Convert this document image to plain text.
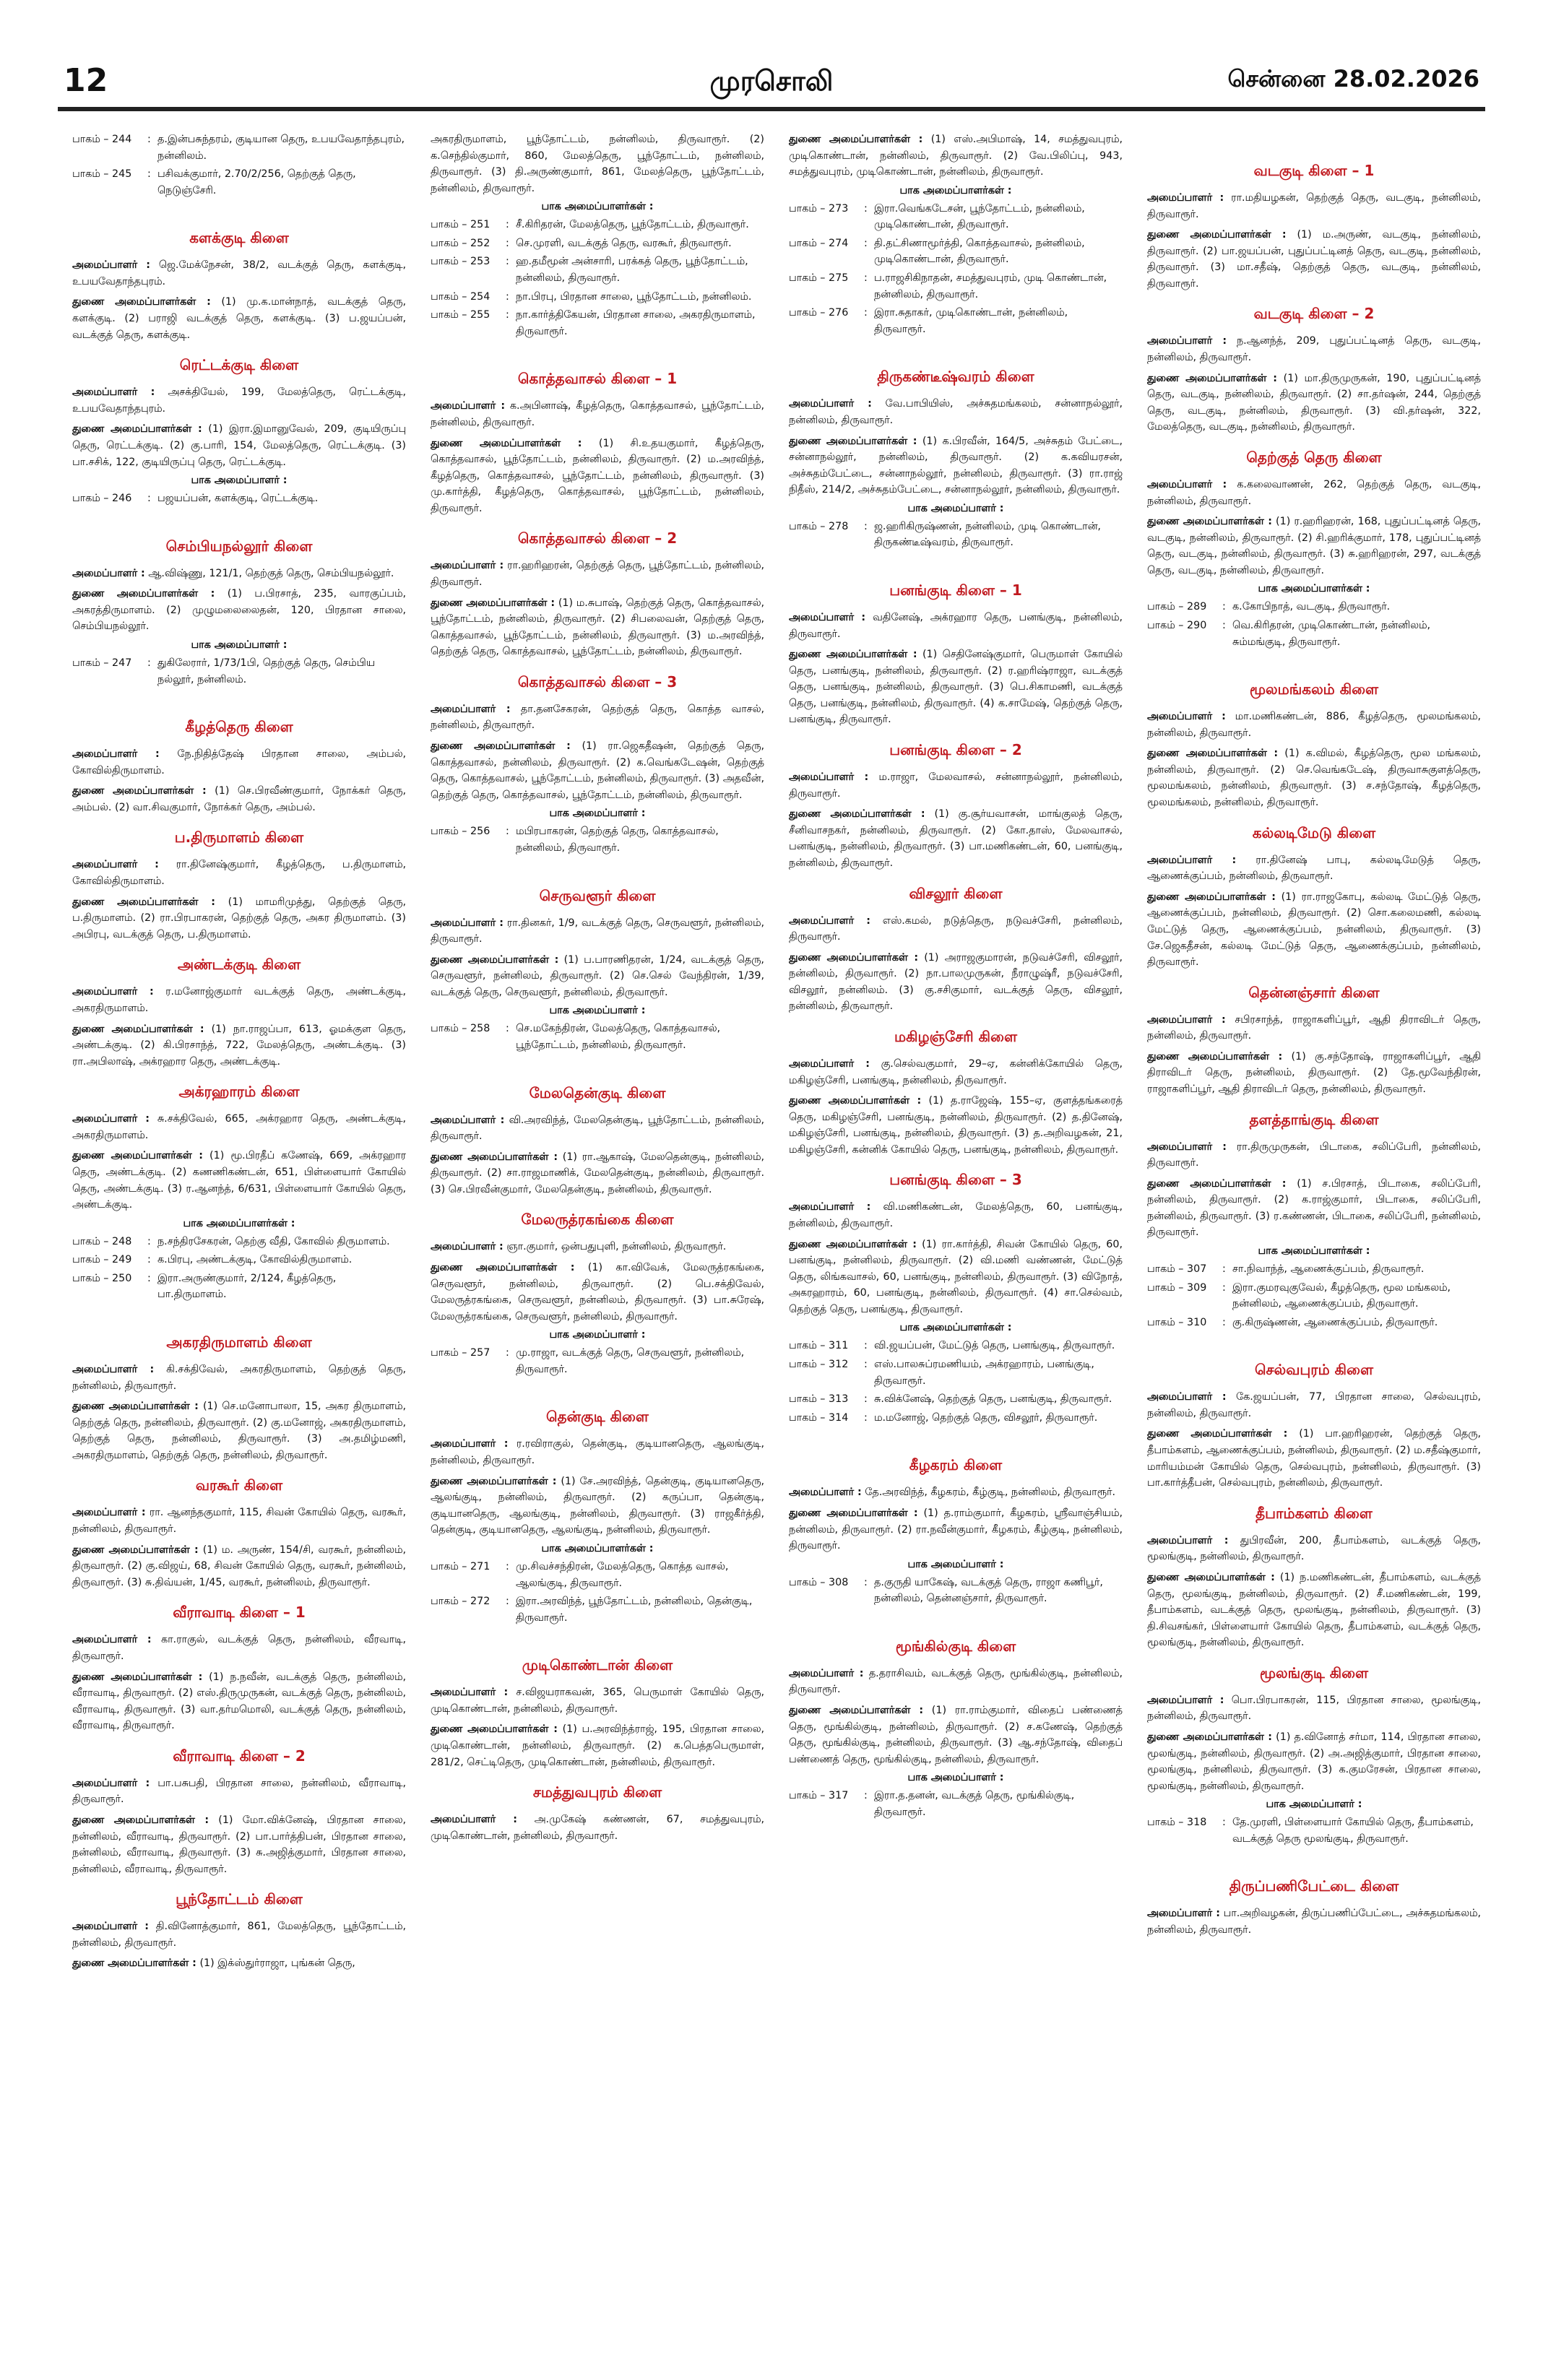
12	முரசொலி	சென்னை 28.02.2026
பாகம் – 244	: த.இன்பசுந்தரம், குடியான தெரு, உபயவேதாந்தபுரம், நன்னிலம்.
பாகம் – 245	: பசிவக்குமார், 2.70/2/256, தெற்குத் தெரு, நெடுஞ்சேரி.
களக்குடி கிளை
அமைப்பாளர் : ஜெ.மேக்நேசன், 38/2, வடக்குத் தெரு, களக்குடி, உபயவேதாந்தபுரம்.
துணை அமைப்பாளர்கள் : (1) மு.க.மான்நாத், வடக்குத் தெரு, களக்குடி. (2) பராஜி வடக்குத் தெரு, களக்குடி. (3) ப.ஜயப்பன், வடக்குத் தெரு, களக்குடி.
ரெட்டக்குடி கிளை
அமைப்பாளர் : அசக்தியேல், 199, மேலத்தெரு, ரெட்டக்குடி, உபயவேதாந்தபுரம்.
துணை அமைப்பாளர்கள் : (1) இரா.இமானுவேல், 209, குடியிருப்பு தெரு, ரெட்டக்குடி. (2) கு.பாரி, 154, மேலத்தெரு, ரெட்டக்குடி. (3) பா.சசிக், 122, குடியிருப்பு தெரு, ரெட்டக்குடி.
பாக அமைப்பாளர் :
பாகம் – 246	: பஜயப்பன், களக்குடி, ரெட்டக்குடி.
செம்பியநல்லூர் கிளை
அமைப்பாளர் : ஆ.விஷ்ணு, 121/1, தெற்குத் தெரு, செம்பியநல்லூர்.
துணை அமைப்பாளர்கள் : (1) ப.பிரசாத், 235, வாரகுப்பம், அகரத்திருமாளம். (2) முழுமலைலைதன், 120, பிரதான சாலை, செம்பியநல்லூர்.
பாக அமைப்பாளர் :
பாகம் – 247	: துகிலேரார், 1/73/1பி, தெற்குத் தெரு, செம்பிய நல்லூர், நன்னிலம்.
கீழத்தெரு கிளை
அமைப்பாளர் : நே.நிதித்தேஷ் பிரதான சாலை, அம்பல், கோவில்திருமாளம்.
துணை அமைப்பாளர்கள் : (1) செ.பிரவீண்குமார், நோக்கர் தெரு, அம்பல். (2) வா.சிவகுமார், நோக்கர் தெரு, அம்பல்.
ப.திருமாளம் கிளை
அமைப்பாளர் : ரா.தினேஷ்குமார், கீழத்தெரு, ப.திருமாளம், கோவில்திருமாளம்.
துணை அமைப்பாளர்கள் : (1) மாமரிமுத்து, தெற்குத் தெரு, ப.திருமாளம். (2) ரா.பிரபாகரன், தெற்குத் தெரு, அகர திருமாளம். (3) அபிரபு, வடக்குத் தெரு, ப.திருமாளம்.
அண்டக்குடி கிளை
அமைப்பாளர் : ர.மனோஜ்குமார் வடக்குத் தெரு, அண்டக்குடி, அகரதிருமாளம்.
துணை அமைப்பாளர்கள் : (1) நா.ராஜப்பா, 613, ஓமக்குள தெரு, அண்டக்குடி. (2) கி.பிரசாந்த், 722, மேலத்தெரு, அண்டக்குடி. (3) ரா.அபிலாஷ், அக்ரஹார தெரு, அண்டக்குடி.
அக்ரஹாரம் கிளை
அமைப்பாளர் : சு.சக்திவேல், 665, அக்ரஹார தெரு, அண்டக்குடி, அகரதிருமாளம்.
துணை அமைப்பாளர்கள் : (1) மூ.பிரதீப் கணேஷ், 669, அக்ரஹார தெரு, அண்டக்குடி. (2) கணணிகண்டன், 651, பிள்ளையார் கோயில் தெரு, அண்டக்குடி. (3) ர.ஆனந்த், 6/631, பிள்ளையார் கோயில் தெரு, அண்டக்குடி.
பாக அமைப்பாளர்கள் :
பாகம் – 248	: ந.சந்திரசேகரன், தெற்கு வீதி, கோவில் திருமாளம்.
பாகம் – 249	: க.பிரபு, அண்டக்குடி, கோவில்திருமாளம்.
பாகம் – 250	: இரா.அருண்குமார், 2/124, கீழத்தெரு, பா.திருமாளம்.
அகரதிருமாளம் கிளை
அமைப்பாளர் : கி.சக்திவேல், அகரதிருமாளம், தெற்குத் தெரு, நன்னிலம், திருவாரூர்.
துணை அமைப்பாளர்கள் : (1) செ.மனோபாலா, 15, அகர திருமாளம், தெற்குத் தெரு, நன்னிலம், திருவாரூர். (2) கு.மனோஜ், அகரதிருமாளம், தெற்குத் தெரு, நன்னிலம், திருவாரூர். (3) அ.தமிழ்மணி, அகரதிருமாளம், தெற்குத் தெரு, நன்னிலம், திருவாரூர்.
வரகூர் கிளை
அமைப்பாளர் : ரா. ஆனந்தகுமார், 115, சிவன் கோயில் தெரு, வரகூர், நன்னிலம், திருவாரூர்.
துணை அமைப்பாளர்கள் : (1) ம. அருண், 154/சி, வரகூர், நன்னிலம், திருவாரூர். (2) கு.விஜய், 68, சிவன் கோயில் தெரு, வரகூர், நன்னிலம், திருவாரூர். (3) சு.திவ்யன், 1/45, வரகூர், நன்னிலம், திருவாரூர்.
வீராவாடி கிளை – 1
அமைப்பாளர் : கா.ராகுல், வடக்குத் தெரு, நன்னிலம், வீரவாடி, திருவாரூர்.
துணை அமைப்பாளர்கள் : (1) ந.நவீன், வடக்குத் தெரு, நன்னிலம், வீராவாடி, திருவாரூர். (2) எஸ்.திருமுருகன், வடக்குத் தெரு, நன்னிலம், வீராவாடி, திருவாரூர். (3) வா.தர்மமொலி, வடக்குத் தெரு, நன்னிலம், வீராவாடி, திருவாரூர்.
வீராவாடி கிளை – 2
அமைப்பாளர் : பா.பசுபதி, பிரதான சாலை, நன்னிலம், வீராவாடி, திருவாரூர்.
துணை அமைப்பாளர்கள் : (1) மோ.விக்னேஷ், பிரதான சாலை, நன்னிலம், வீராவாடி, திருவாரூர். (2) பா.பார்த்திபன், பிரதான சாலை, நன்னிலம், வீராவாடி, திருவாரூர். (3) சு.அஜித்குமார், பிரதான சாலை, நன்னிலம், வீராவாடி, திருவாரூர்.
பூந்தோட்டம் கிளை
அமைப்பாளர் : தி.வினோத்குமார், 861, மேலத்தெரு, பூந்தோட்டம், நன்னிலம், திருவாரூர்.
துணை அமைப்பாளர்கள் : (1) இக்ஸ்துர்ராஜா, புங்கன் தெரு,
அகரதிருமாளம், பூந்தோட்டம், நன்னிலம், திருவாரூர். (2) க.செந்தில்குமார், 860, மேலத்தெரு, பூந்தோட்டம், நன்னிலம், திருவாரூர். (3) தி.அருண்குமார், 861, மேலத்தெரு, பூந்தோட்டம், நன்னிலம், திருவாரூர்.
பாக அமைப்பாளர்கள் :
பாகம் – 251	: சீ.கிரிதரன், மேலத்தெரு, பூந்தோட்டம், திருவாரூர்.
பாகம் – 252	: செ.முரளி, வடக்குத் தெரு, வரகூர், திருவாரூர்.
பாகம் – 253	: ஹ.தமீமூன் அன்சாரி, பரக்கத் தெரு, பூந்தோட்டம், நன்னிலம், திருவாரூர்.
பாகம் – 254	: நா.பிரபு, பிரதான சாலை, பூந்தோட்டம், நன்னிலம்.
பாகம் – 255	: நா.கார்த்திகேயன், பிரதான சாலை, அகரதிருமாளம், திருவாரூர்.
கொத்தவாசல் கிளை – 1
அமைப்பாளர் : க.அபினாஷ், கீழத்தெரு, கொத்தவாசல், பூந்தோட்டம், நன்னிலம், திருவாரூர்.
துணை அமைப்பாளர்கள் : (1) சி.உதயகுமார், கீழத்தெரு, கொத்தவாசல், பூந்தோட்டம், நன்னிலம், திருவாரூர். (2) ம.அரவிந்த், கீழத்தெரு, கொத்தவாசல், பூந்தோட்டம், நன்னிலம், திருவாரூர். (3) மு.கார்த்தி, கீழத்தெரு, கொத்தவாசல், பூந்தோட்டம், நன்னிலம், திருவாரூர்.
கொத்தவாசல் கிளை – 2
அமைப்பாளர் : ரா.ஹரிஹரன், தெற்குத் தெரு, பூந்தோட்டம், நன்னிலம், திருவாரூர்.
துணை அமைப்பாளர்கள் : (1) ம.சுபாஷ், தெற்குத் தெரு, கொத்தவாசல், பூந்தோட்டம், நன்னிலம், திருவாரூர். (2) சிபலைவன், தெற்குத் தெரு, கொத்தவாசல், பூந்தோட்டம், நன்னிலம், திருவாரூர். (3) ம.அரவிந்த், தெற்குத் தெரு, கொத்தவாசல், பூந்தோட்டம், நன்னிலம், திருவாரூர்.
கொத்தவாசல் கிளை – 3
அமைப்பாளர் : தா.தனசேகரன், தெற்குத் தெரு, கொத்த வாசல், நன்னிலம், திருவாரூர்.
துணை அமைப்பாளர்கள் : (1) ரா.ஜெகதீஷன், தெற்குத் தெரு, கொத்தவாசல், நன்னிலம், திருவாரூர். (2) க.வெங்கடேஷன், தெற்குத் தெரு, கொத்தவாசல், பூந்தோட்டம், நன்னிலம், திருவாரூர். (3) அதவீன், தெற்குத் தெரு, கொத்தவாசல், பூந்தோட்டம், நன்னிலம், திருவாரூர்.
பாக அமைப்பாளர் :
பாகம் – 256	: மபிரபாகரன், தெற்குத் தெரு, கொத்தவாசல், நன்னிலம், திருவாரூர்.
செருவளூர் கிளை
அமைப்பாளர் : ரா.தினகர், 1/9, வடக்குத் தெரு, செருவளூர், நன்னிலம், திருவாரூர்.
துணை அமைப்பாளர்கள் : (1) ப.பாரணிதரன், 1/24, வடக்குத் தெரு, செருவளூர், நன்னிலம், திருவாரூர். (2) செ.செல் வேந்திரன், 1/39, வடக்குத் தெரு, செருவளூர், நன்னிலம், திருவாரூர்.
பாக அமைப்பாளர் :
பாகம் – 258	: செ.மகேந்திரன், மேலத்தெரு, கொத்தவாசல், பூந்தோட்டம், நன்னிலம், திருவாரூர்.
மேலதென்குடி கிளை
அமைப்பாளர் : வி.அரவிந்த், மேலதென்குடி, பூந்தோட்டம், நன்னிலம், திருவாரூர்.
துணை அமைப்பாளர்கள் : (1) ரா.ஆகாஷ், மேலதென்குடி, நன்னிலம், திருவாரூர். (2) சா.ராஜமாணிக், மேலதென்குடி, நன்னிலம், திருவாரூர். (3) செ.பிரவீன்குமார், மேலதென்குடி, நன்னிலம், திருவாரூர்.
மேலருத்ரகங்கை கிளை
அமைப்பாளர் : ஞா.குமார், ஒன்பதுபுளி, நன்னிலம், திருவாரூர்.
துணை அமைப்பாளர்கள் : (1) கா.விவேக், மேலருத்ரகங்கை, செருவளூர், நன்னிலம், திருவாரூர். (2) பெ.சக்திவேல், மேலருத்ரகங்கை, செருவளூர், நன்னிலம், திருவாரூர். (3) பா.சுரேஷ், மேலருத்ரகங்கை, செருவளூர், நன்னிலம், திருவாரூர்.
பாக அமைப்பாளர் :
பாகம் – 257	: மு.ராஜா, வடக்குத் தெரு, செருவளூர், நன்னிலம், திருவாரூர்.
தென்குடி கிளை
அமைப்பாளர் : ர.ரவிராகுல், தென்குடி, குடியானதெரு, ஆலங்குடி, நன்னிலம், திருவாரூர்.
துணை அமைப்பாளர்கள் : (1) சே.அரவிந்த், தென்குடி, குடியானதெரு, ஆலங்குடி, நன்னிலம், திருவாரூர். (2) கருப்பா, தென்குடி, குடியானதெரு, ஆலங்குடி, நன்னிலம், திருவாரூர். (3) ராஜகீர்த்தி, தென்குடி, குடியானதெரு, ஆலங்குடி, நன்னிலம், திருவாரூர்.
பாக அமைப்பாளர்கள் :
பாகம் – 271	: மு.சிவச்சந்திரன், மேலத்தெரு, கொத்த வாசல், ஆலங்குடி, திருவாரூர்.
பாகம் – 272	: இரா.அரவிந்த், பூந்தோட்டம், நன்னிலம், தென்குடி, திருவாரூர்.
முடிகொண்டான் கிளை
அமைப்பாளர் : ச.விஜயராகவன், 365, பெருமாள் கோயில் தெரு, முடிகொண்டான், நன்னிலம், திருவாரூர்.
துணை அமைப்பாளர்கள் : (1) ப.அரவிந்த்ராஜ், 195, பிரதான சாலை, முடிகொண்டான், நன்னிலம், திருவாரூர். (2) க.பெத்தபெருமாள், 281/2, செட்டிதெரு, முடிகொண்டான், நன்னிலம், திருவாரூர்.
சமத்துவபுரம் கிளை
அமைப்பாளர் : அ.முகேஷ் கண்ணன், 67, சமத்துவபுரம், முடிகொண்டான், நன்னிலம், திருவாரூர்.
துணை அமைப்பாளர்கள் : (1) எஸ்.அபிமாஷ், 14, சமத்துவபுரம், முடிகொண்டான், நன்னிலம், திருவாரூர். (2) வே.பிலிப்பு, 943, சமத்துவபுரம், முடிகொண்டான், நன்னிலம், திருவாரூர்.
பாக அமைப்பாளர்கள் :
பாகம் – 273	: இரா.வெங்கடேசன், பூந்தோட்டம், நன்னிலம், முடிகொண்டான், திருவாரூர்.
பாகம் – 274	: தி.தட்சிணாமூர்த்தி, கொத்தவாசல், நன்னிலம், முடிகொண்டான், திருவாரூர்.
பாகம் – 275	: ப.ராஜசிகிநாதன், சமத்துவபுரம், முடி கொண்டான், நன்னிலம், திருவாரூர்.
பாகம் – 276	: இரா.சுதாகர், முடிகொண்டான், நன்னிலம், திருவாரூர்.
திருகண்டீஷ்வரம் கிளை
அமைப்பாளர் : வே.பாபியிஸ், அச்சுதமங்கலம், சன்னாநல்லூர், நன்னிலம், திருவாரூர்.
துணை அமைப்பாளர்கள் : (1) க.பிரவீன், 164/5, அச்சுதம் பேட்டை, சன்னாநல்லூர், நன்னிலம், திருவாரூர். (2) க.கவியரசன், அச்சுதம்பேட்டை, சன்னாநல்லூர், நன்னிலம், திருவாரூர். (3) ரா.ராஜ் நிதீஸ், 214/2, அச்சுதம்பேட்டை, சன்னாநல்லூர், நன்னிலம், திருவாரூர்.
பாக அமைப்பாளர் :
பாகம் – 278	: ஜ.ஹரிகிருஷ்ணன், நன்னிலம், முடி கொண்டான், திருகண்டீஷ்வரம், திருவாரூர்.
பனங்குடி கிளை – 1
அமைப்பாளர் : வதினேஷ், அக்ரஹார தெரு, பனங்குடி, நன்னிலம், திருவாரூர்.
துணை அமைப்பாளர்கள் : (1) செதினேஷ்குமார், பெருமாள் கோயில் தெரு, பனங்குடி, நன்னிலம், திருவாரூர். (2) ர.ஹரிஷ்ராஜா, வடக்குத் தெரு, பனங்குடி, நன்னிலம், திருவாரூர். (3) பெ.சிகாமணி, வடக்குத் தெரு, பனங்குடி, நன்னிலம், திருவாரூர். (4) க.சாமேஷ், தெற்குத் தெரு, பனங்குடி, திருவாரூர்.
பனங்குடி கிளை – 2
அமைப்பாளர் : ம.ராஜா, மேலவாசல், சன்னாநல்லூர், நன்னிலம், திருவாரூர்.
துணை அமைப்பாளர்கள் : (1) கு.சூர்யவாசன், மாங்குலத் தெரு, சீனிவாசநகர், நன்னிலம், திருவாரூர். (2) கோ.தாஸ், மேலவாசல், பனங்குடி, நன்னிலம், திருவாரூர். (3) பா.மணிகண்டன், 60, பனங்குடி, நன்னிலம், திருவாரூர்.
விசலூர் கிளை
அமைப்பாளர் : எஸ்.கமல், நடுத்தெரு, நடுவச்சேரி, நன்னிலம், திருவாரூர்.
துணை அமைப்பாளர்கள் : (1) அராஜகுமாரன், நடுவச்சேரி, விசலூர், நன்னிலம், திருவாரூர். (2) நா.பாலமுருகன், நீராழுஷ்ரீ, நடுவச்சேரி, விசலூர், நன்னிலம். (3) கு.சசிகுமார், வடக்குத் தெரு, விசலூர், நன்னிலம், திருவாரூர்.
மகிழஞ்சேரி கிளை
அமைப்பாளர் : கு.செல்வகுமார், 29–ஏ, கன்னிக்கோயில் தெரு, மகிழஞ்சேரி, பனங்குடி, நன்னிலம், திருவாரூர்.
துணை அமைப்பாளர்கள் : (1) த.ராஜேஷ், 155–ஏ, குளத்தங்கரைத் தெரு, மகிழஞ்சேரி, பனங்குடி, நன்னிலம், திருவாரூர். (2) த.தினேஷ், மகிழஞ்சேரி, பனங்குடி, நன்னிலம், திருவாரூர். (3) த.அறிவழகன், 21, மகிழஞ்சேரி, கன்னிக் கோயில் தெரு, பனங்குடி, நன்னிலம், திருவாரூர்.
பனங்குடி கிளை – 3
அமைப்பாளர் : வி.மணிகண்டன், மேலத்தெரு, 60, பனங்குடி, நன்னிலம், திருவாரூர்.
துணை அமைப்பாளர்கள் : (1) ரா.கார்த்தி, சிவன் கோயில் தெரு, 60, பனங்குடி, நன்னிலம், திருவாரூர். (2) வி.மணி வண்ணன், மேட்டுத் தெரு, லிங்கவாசல், 60, பனங்குடி, நன்னிலம், திருவாரூர். (3) விநோத், அகரஹாரம், 60, பனங்குடி, நன்னிலம், திருவாரூர். (4) சா.செல்வம், தெற்குத் தெரு, பனங்குடி, திருவாரூர்.
பாக அமைப்பாளர்கள் :
பாகம் – 311	: வி.ஜயப்பன், மேட்டுத் தெரு, பனங்குடி, திருவாரூர்.
பாகம் – 312	: எஸ்.பாலசுப்ரமணியம், அக்ரஹாரம், பனங்குடி, திருவாரூர்.
பாகம் – 313	: சு.விக்னேஷ், தெற்குத் தெரு, பனங்குடி, திருவாரூர்.
பாகம் – 314	: ம.மனோஜ், தெற்குத் தெரு, விசலூர், திருவாரூர்.
கீழகரம் கிளை
அமைப்பாளர் : தே.அரவிந்த், கீழகரம், கீழ்குடி, நன்னிலம், திருவாரூர்.
துணை அமைப்பாளர்கள் : (1) த.ராம்குமார், கீழகரம், ஸ்ரீவாஞ்சியம், நன்னிலம், திருவாரூர். (2) ரா.நவீன்குமார், கீழகரம், கீழ்குடி, நன்னிலம், திருவாரூர்.
பாக அமைப்பாளர் :
பாகம் – 308	: த.குருதி யாகேஷ், வடக்குத் தெரு, ராஜா கணிபூர், நன்னிலம், தென்னஞ்சார், திருவாரூர்.
மூங்கில்குடி கிளை
அமைப்பாளர் : த.தராசிவம், வடக்குத் தெரு, மூங்கில்குடி, நன்னிலம், திருவாரூர்.
துணை அமைப்பாளர்கள் : (1) ரா.ராம்குமார், விதைப் பண்ணைத் தெரு, மூங்கில்குடி, நன்னிலம், திருவாரூர். (2) ச.கணேஷ், தெற்குத் தெரு, மூங்கில்குடி, நன்னிலம், திருவாரூர். (3) ஆ.சந்தோஷ், விதைப் பண்ணைத் தெரு, மூங்கில்குடி, நன்னிலம், திருவாரூர்.
பாக அமைப்பாளர் :
பாகம் – 317	: இரா.த.தனன், வடக்குத் தெரு, மூங்கில்குடி, திருவாரூர்.
வடகுடி கிளை – 1
அமைப்பாளர் : ரா.மதியழகன், தெற்குத் தெரு, வடகுடி, நன்னிலம், திருவாரூர்.
துணை அமைப்பாளர்கள் : (1) ம.அருண், வடகுடி, நன்னிலம், திருவாரூர். (2) பா.ஜயப்பன், புதுப்பட்டினத் தெரு, வடகுடி, நன்னிலம், திருவாரூர். (3) மா.சதீஷ், தெற்குத் தெரு, வடகுடி, நன்னிலம், திருவாரூர்.
வடகுடி கிளை – 2
அமைப்பாளர் : ந.ஆனந்த், 209, புதுப்பட்டினத் தெரு, வடகுடி, நன்னிலம், திருவாரூர்.
துணை அமைப்பாளர்கள் : (1) மா.திருமுருகன், 190, புதுப்பட்டினத் தெரு, வடகுடி, நன்னிலம், திருவாரூர். (2) சா.தர்ஷன், 244, தெற்குத் தெரு, வடகுடி, நன்னிலம், திருவாரூர். (3) வி.தர்ஷன், 322, மேலத்தெரு, வடகுடி, நன்னிலம், திருவாரூர்.
தெற்குத் தெரு கிளை
அமைப்பாளர் : க.கலைவாணன், 262, தெற்குத் தெரு, வடகுடி, நன்னிலம், திருவாரூர்.
துணை அமைப்பாளர்கள் : (1) ர.ஹரிஹரன், 168, புதுப்பட்டினத் தெரு, வடகுடி, நன்னிலம், திருவாரூர். (2) சி.ஹரிக்குமார், 178, புதுப்பட்டினத் தெரு, வடகுடி, நன்னிலம், திருவாரூர். (3) சு.ஹரிஹரன், 297, வடக்குத் தெரு, வடகுடி, நன்னிலம், திருவாரூர்.
பாக அமைப்பாளர்கள் :
பாகம் – 289	: க.கோபிநாத், வடகுடி, திருவாரூர்.
பாகம் – 290	: வெ.கிரிதரன், முடிகொண்டான், நன்னிலம், சும்மங்குடி, திருவாரூர்.
மூலமங்கலம் கிளை
அமைப்பாளர் : மா.மணிகண்டன், 886, கீழத்தெரு, மூலமங்கலம், நன்னிலம், திருவாரூர்.
துணை அமைப்பாளர்கள் : (1) க.விமல், கீழத்தெரு, மூல மங்கலம், நன்னிலம், திருவாரூர். (2) செ.வெங்கடேஷ், திருவாசுகுளத்தெரு, மூலமங்கலம், நன்னிலம், திருவாரூர். (3) ச.சந்தோஷ், கீழத்தெரு, மூலமங்கலம், நன்னிலம், திருவாரூர்.
கல்லடிமேடு கிளை
அமைப்பாளர் : ரா.தினேஷ் பாபு, கல்லடிமேடுத் தெரு, ஆணைக்குப்பம், நன்னிலம், திருவாரூர்.
துணை அமைப்பாளர்கள் : (1) ரா.ராஜகோபு, கல்லடி மேட்டுத் தெரு, ஆணைக்குப்பம், நன்னிலம், திருவாரூர். (2) சொ.கலைமணி, கல்லடி மேட்டுத் தெரு, ஆணைக்குப்பம், நன்னிலம், திருவாரூர். (3) சே.ஜெகதீசன், கல்லடி மேட்டுத் தெரு, ஆணைக்குப்பம், நன்னிலம், திருவாரூர்.
தென்னஞ்சார் கிளை
அமைப்பாளர் : சபிரசாந்த், ராஜாகளிப்பூர், ஆதி திராவிடர் தெரு, நன்னிலம், திருவாரூர்.
துணை அமைப்பாளர்கள் : (1) கு.சந்தோஷ், ராஜாகளிப்பூர், ஆதி திராவிடர் தெரு, நன்னிலம், திருவாரூர். (2) தே.மூவேந்திரன், ராஜாகளிப்பூர், ஆதி திராவிடர் தெரு, நன்னிலம், திருவாரூர்.
தளத்தாங்குடி கிளை
அமைப்பாளர் : ரா.திருமுருகன், பிடாகை, சலிப்பேரி, நன்னிலம், திருவாரூர்.
துணை அமைப்பாளர்கள் : (1) ச.பிரசாத், பிடாகை, சலிப்பேரி, நன்னிலம், திருவாரூர். (2) க.ராஜ்குமார், பிடாகை, சலிப்பேரி, நன்னிலம், திருவாரூர். (3) ர.கண்ணன், பிடாகை, சலிப்பேரி, நன்னிலம், திருவாரூர்.
பாக அமைப்பாளர்கள் :
பாகம் – 307	: சா.நிவாந்த், ஆணைக்குப்பம், திருவாரூர்.
பாகம் – 309	: இரா.குமரவுகுவேல், கீழத்தெரு, மூல மங்கலம், நன்னிலம், ஆணைக்குப்பம், திருவாரூர்.
பாகம் – 310	: கு.கிருஷ்ணன், ஆணைக்குப்பம், திருவாரூர்.
செல்வபுரம் கிளை
அமைப்பாளர் : கே.ஜயப்பன், 77, பிரதான சாலை, செல்வபுரம், நன்னிலம், திருவாரூர்.
துணை அமைப்பாளர்கள் : (1) பா.ஹரிஹரன், தெற்குத் தெரு, தீபாம்களம், ஆணைக்குப்பம், நன்னிலம், திருவாரூர். (2) ம.சதீஷ்குமார், மாரியம்மன் கோயில் தெரு, செல்வபுரம், நன்னிலம், திருவாரூர். (3) பா.கார்த்தீபன், செல்வபுரம், நன்னிலம், திருவாரூர்.
தீபாம்களம் கிளை
அமைப்பாளர் : துபிரவீன், 200, தீபாம்களம், வடக்குத் தெரு, மூலங்குடி, நன்னிலம், திருவாரூர்.
துணை அமைப்பாளர்கள் : (1) ந.மணிகண்டன், தீபாம்களம், வடக்குத் தெரு, மூலங்குடி, நன்னிலம், திருவாரூர். (2) சீ.மணிகண்டன், 199, தீபாம்களம், வடக்குத் தெரு, மூலங்குடி, நன்னிலம், திருவாரூர். (3) தி.சிவசங்கர், பிள்ளையார் கோயில் தெரு, தீபாம்களம், வடக்குத் தெரு, மூலங்குடி, நன்னிலம், திருவாரூர்.
மூலங்குடி கிளை
அமைப்பாளர் : பொ.பிரபாகரன், 115, பிரதான சாலை, மூலங்குடி, நன்னிலம், திருவாரூர்.
துணை அமைப்பாளர்கள் : (1) த.வினோத் சர்மா, 114, பிரதான சாலை, மூலங்குடி, நன்னிலம், திருவாரூர். (2) அ.அஜித்குமார், பிரதான சாலை, மூலங்குடி, நன்னிலம், திருவாரூர். (3) க.குமரேசன், பிரதான சாலை, மூலங்குடி, நன்னிலம், திருவாரூர்.
பாக அமைப்பாளர் :
பாகம் – 318	: தே.முரளி, பிள்ளையார் கோயில் தெரு, தீபாம்களம், வடக்குத் தெரு மூலங்குடி, திருவாரூர்.
திருப்பணிபேட்டை கிளை
அமைப்பாளர் : பா.அறிவழகன், திருப்பணிப்பேட்டை, அச்சுதமங்கலம், நன்னிலம், திருவாரூர்.
